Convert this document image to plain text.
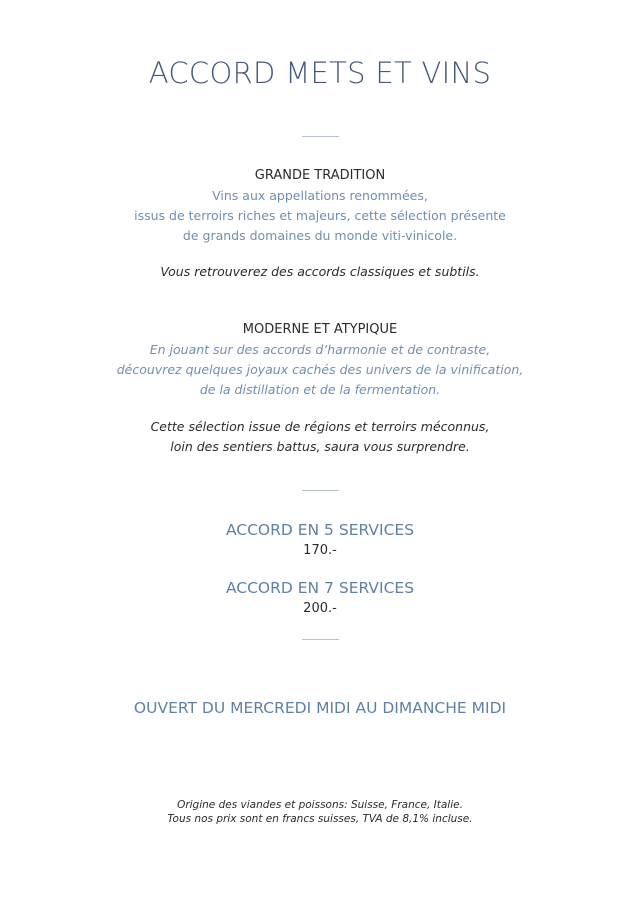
ACCORD METS ET VINS
GRANDE TRADITION
Vins aux appellations renommées,
issus de terroirs riches et majeurs, cette sélection présente
de grands domaines du monde viti-vinicole.
Vous retrouverez des accords classiques et subtils.
MODERNE ET ATYPIQUE
En jouant sur des accords d’harmonie et de contraste,
découvrez quelques joyaux cachés des univers de la vinification,
de la distillation et de la fermentation.
Cette sélection issue de régions et terroirs méconnus,
loin des sentiers battus, saura vous surprendre.
ACCORD EN 5 SERVICES
170.-
ACCORD EN 7 SERVICES
200.-
OUVERT DU MERCREDI MIDI AU DIMANCHE MIDI
Origine des viandes et poissons: Suisse, France, Italie.
Tous nos prix sont en francs suisses, TVA de 8,1% incluse.
